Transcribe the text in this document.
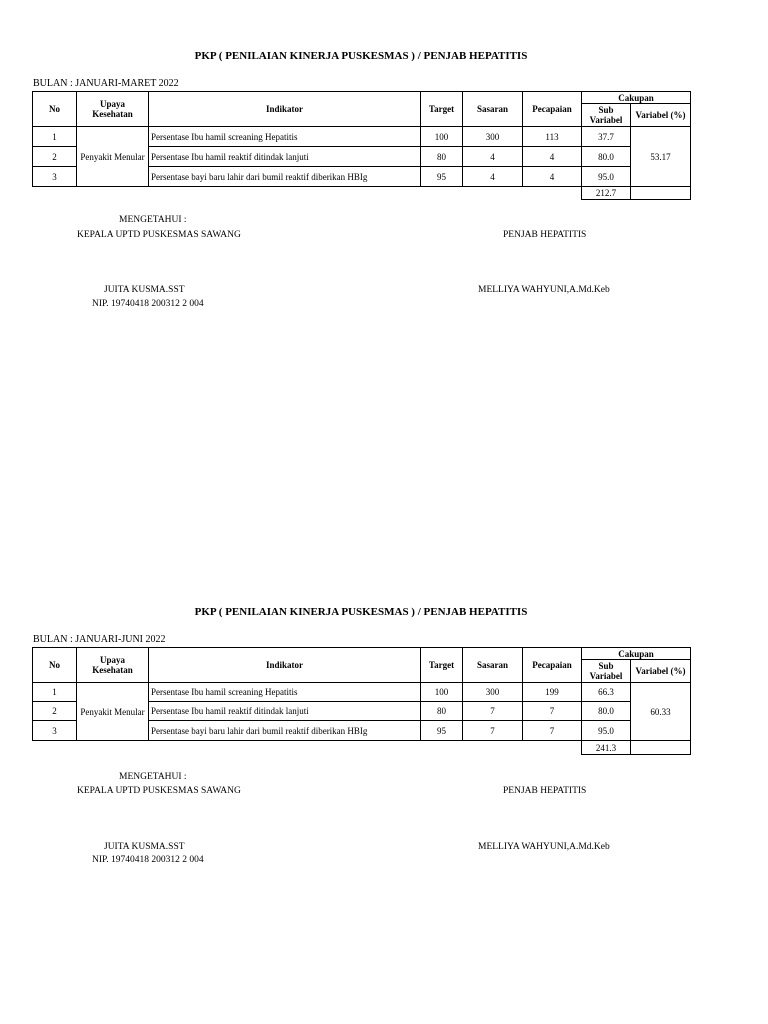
PKP ( PENILAIAN KINERJA PUSKESMAS ) / PENJAB HEPATITIS
BULAN : JANUARI-MARET 2022
No	Upaya Kesehatan	Indikator	Target	Sasaran	Pecapaian	Cakupan	
						Sub Variabel	Variabel (%)
1	Penyakit Menular	Persentase Ibu hamil screaning Hepatitis	100	300	113	37.7	53.17
2		Persentase Ibu hamil reaktif ditindak lanjuti	80	4	4	80.0	
3		Persentase bayi baru lahir dari bumil reaktif diberikan HBIg	95	4	4	95.0	
						212.7	
MENGETAHUI :
KEPALA UPTD PUSKESMAS SAWANG	PENJAB HEPATITIS
JUITA KUSMA.SST	MELLIYA WAHYUNI,A.Md.Keb
NIP. 19740418 200312 2 004
PKP ( PENILAIAN KINERJA PUSKESMAS ) / PENJAB HEPATITIS
BULAN : JANUARI-JUNI 2022
No	Upaya Kesehatan	Indikator	Target	Sasaran	Pecapaian	Cakupan	
						Sub Variabel	Variabel (%)
1	Penyakit Menular	Persentase Ibu hamil screaning Hepatitis	100	300	199	66.3	60.33
2		Persentase Ibu hamil reaktif ditindak lanjuti	80	7	7	80.0	
3		Persentase bayi baru lahir dari bumil reaktif diberikan HBIg	95	7	7	95.0	
						241.3	
MENGETAHUI :
KEPALA UPTD PUSKESMAS SAWANG	PENJAB HEPATITIS
JUITA KUSMA.SST	MELLIYA WAHYUNI,A.Md.Keb
NIP. 19740418 200312 2 004
